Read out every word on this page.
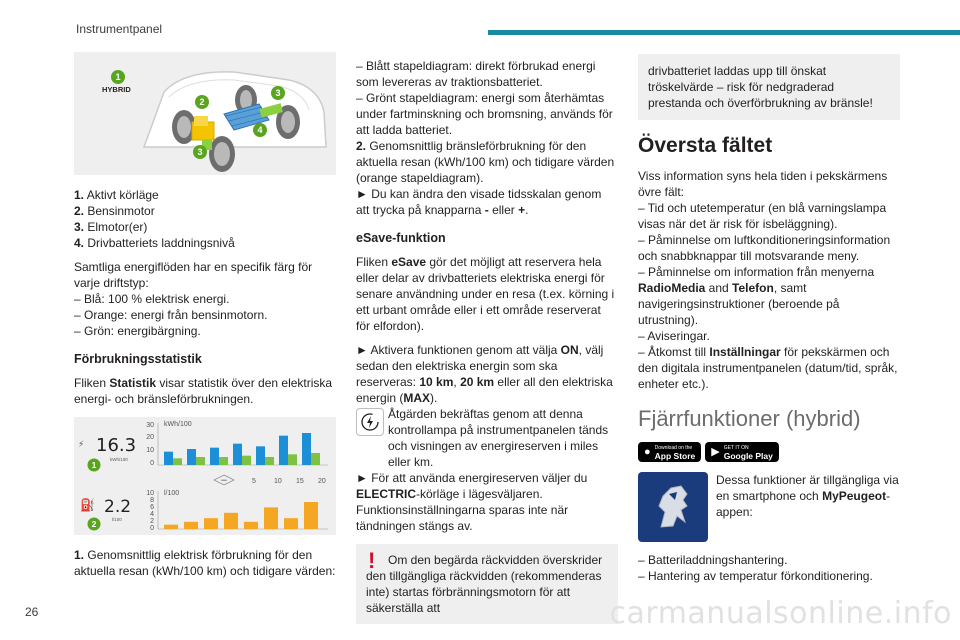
Instrumentpanel
HYBRID
1
2
3
3
4
1. Aktivt körläge
2. Bensinmotor
3. Elmotor(er)
4. Drivbatteriets laddningsnivå
Samtliga energiflöden har en specifik färg för varje driftstyp:
– Blå: 100 % elektrisk energi.
– Orange: energi från bensinmotorn.
– Grön: energibärgning.
Förbrukningsstatistik
Fliken Statistik visar statistik över den elektriska energi- och bränsleförbrukningen.
⚡ 16.3
kWh/100
1
⛽ 2.2
l/100
2
kWh/100
30
20
10
0
−	5	10 15 20
l/100
10
8
6
4
2
0
1. Genomsnittlig elektrisk förbrukning för den aktuella resan (kWh/100 km) och tidigare värden:
– Blått stapeldiagram: direkt förbrukad energi som levereras av traktionsbatteriet.
– Grönt stapeldiagram: energi som återhämtas under fartminskning och bromsning, används för att ladda batteriet.
2. Genomsnittlig bränsleförbrukning för den aktuella resan (kWh/100 km) och tidigare värden (orange stapeldiagram).
► Du kan ändra den visade tidsskalan genom att trycka på knapparna - eller +.
eSave-funktion
Fliken eSave gör det möjligt att reservera hela eller delar av drivbatteriets elektriska energi för senare användning under en resa (t.ex. körning i ett urbant område eller i ett område reserverat för elfordon).
► Aktivera funktionen genom att välja ON, välj sedan den elektriska energin som ska reserveras: 10 km, 20 km eller all den elektriska energin (MAX).
Åtgärden bekräftas genom att denna kontrollampa på instrumentpanelen tänds och visningen av energireserven i miles eller km.
► För att använda energireserven väljer du ELECTRIC-körläge i lägesväljaren.
Funktionsinställningarna sparas inte när tändningen stängs av.
!	Om den begärda räckvidden överskrider den tillgängliga räckvidden (rekommenderas inte) startas förbränningsmotorn för att säkerställa att
drivbatteriet laddas upp till önskat tröskelvärde – risk för nedgraderad prestanda och överförbrukning av bränsle!
Översta fältet
Viss information syns hela tiden i pekskärmens övre fält:
– Tid och utetemperatur (en blå varningslampa visas när det är risk för isbeläggning).
– Påminnelse om luftkonditioneringsinformation och snabbknappar till motsvarande meny.
– Påminnelse om information från menyerna RadioMedia and Telefon, samt navigeringsinstruktioner (beroende på utrustning).
– Aviseringar.
– Åtkomst till Inställningar för pekskärmen och den digitala instrumentpanelen (datum/tid, språk, enheter etc.).
Fjärrfunktioner (hybrid)
● Download on the
App Store ▶ GET IT ON
Google Play
Dessa funktioner är tillgängliga via en smartphone och MyPeugeot-appen:
– Batteriladdningshantering.
– Hantering av temperatur förkonditionering.
26	carmanualsonline.info
